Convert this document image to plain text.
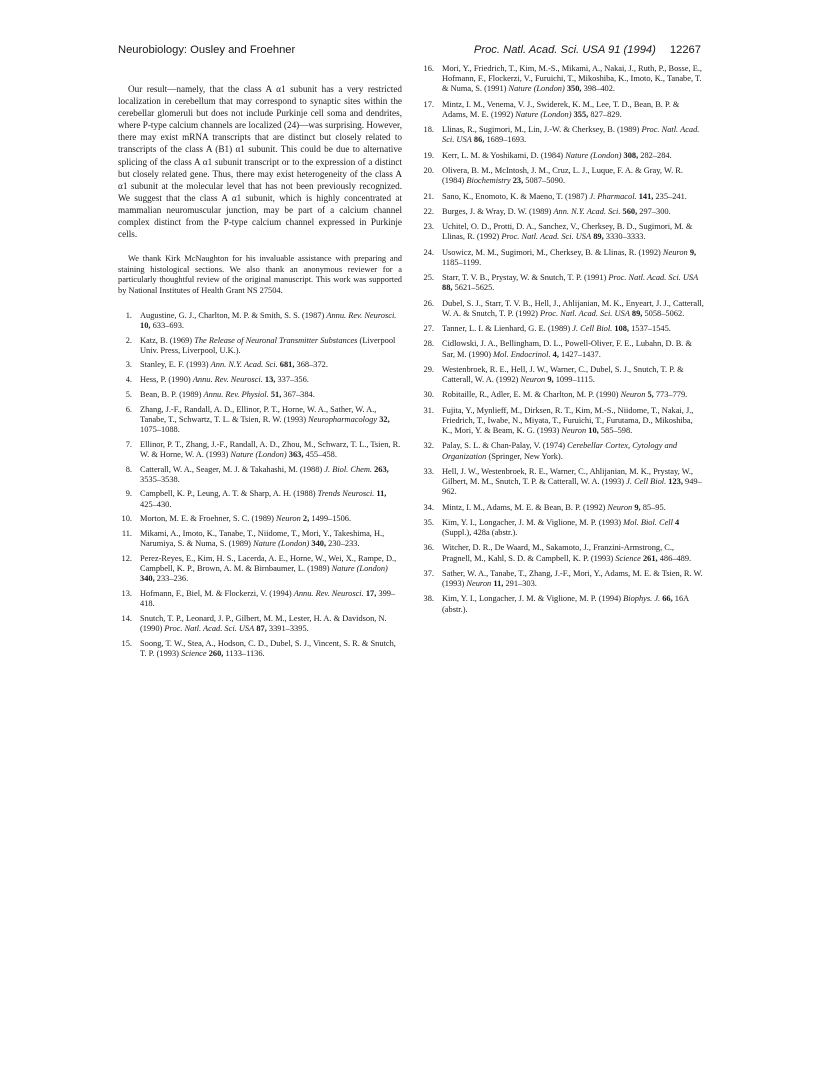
Neurobiology: Ousley and Froehner	Proc. Natl. Acad. Sci. USA 91 (1994) 12267

Our result—namely, that the class A α1 subunit has a very restricted localization in cerebellum that may correspond to synaptic sites within the cerebellar glomeruli but does not include Purkinje cell soma and dendrites, where P-type calcium channels are localized (24)—was surprising. However, there may exist mRNA transcripts that are distinct but closely related to transcripts of the class A (B1) α1 subunit. This could be due to alternative splicing of the class A α1 subunit transcript or to the expression of a distinct but closely related gene. Thus, there may exist heterogeneity of the class A α1 subunit at the molecular level that has not been previously recognized. We suggest that the class A α1 subunit, which is highly concentrated at mammalian neuromuscular junction, may be part of a calcium channel complex distinct from the P-type calcium channel expressed in Purkinje cells.

We thank Kirk McNaughton for his invaluable assistance with preparing and staining histological sections. We also thank an anonymous reviewer for a particularly thoughtful review of the original manuscript. This work was supported by National Institutes of Health Grant NS 27504.

1. Augustine, G. J., Charlton, M. P. & Smith, S. S. (1987) Annu. Rev. Neurosci. 10, 633–693.
2. Katz, B. (1969) The Release of Neuronal Transmitter Substances (Liverpool Univ. Press, Liverpool, U.K.).
3. Stanley, E. F. (1993) Ann. N.Y. Acad. Sci. 681, 368–372.
4. Hess, P. (1990) Annu. Rev. Neurosci. 13, 337–356.
5. Bean, B. P. (1989) Annu. Rev. Physiol. 51, 367–384.
6. Zhang, J.-F., Randall, A. D., Ellinor, P. T., Horne, W. A., Sather, W. A., Tanabe, T., Schwartz, T. L. & Tsien, R. W. (1993) Neuropharmacology 32, 1075–1088.
7. Ellinor, P. T., Zhang, J.-F., Randall, A. D., Zhou, M., Schwarz, T. L., Tsien, R. W. & Horne, W. A. (1993) Nature (London) 363, 455–458.
8. Catterall, W. A., Seager, M. J. & Takahashi, M. (1988) J. Biol. Chem. 263, 3535–3538.
9. Campbell, K. P., Leung, A. T. & Sharp, A. H. (1988) Trends Neurosci. 11, 425–430.
10. Morton, M. E. & Froehner, S. C. (1989) Neuron 2, 1499–1506.
11. Mikami, A., Imoto, K., Tanabe, T., Niidome, T., Mori, Y., Takeshima, H., Narumiya, S. & Numa, S. (1989) Nature (London) 340, 230–233.
12. Perez-Reyes, E., Kim, H. S., Lacerda, A. E., Horne, W., Wei, X., Rampe, D., Campbell, K. P., Brown, A. M. & Birnbaumer, L. (1989) Nature (London) 340, 233–236.
13. Hofmann, F., Biel, M. & Flockerzi, V. (1994) Annu. Rev. Neurosci. 17, 399–418.
14. Snutch, T. P., Leonard, J. P., Gilbert, M. M., Lester, H. A. & Davidson, N. (1990) Proc. Natl. Acad. Sci. USA 87, 3391–3395.
15. Soong, T. W., Stea, A., Hodson, C. D., Dubel, S. J., Vincent, S. R. & Snutch, T. P. (1993) Science 260, 1133–1136.
16. Mori, Y., Friedrich, T., Kim, M.-S., Mikami, A., Nakai, J., Ruth, P., Bosse, E., Hofmann, F., Flockerzi, V., Furuichi, T., Mikoshiba, K., Imoto, K., Tanabe, T. & Numa, S. (1991) Nature (London) 350, 398–402.
17. Mintz, I. M., Venema, V. J., Swiderek, K. M., Lee, T. D., Bean, B. P. & Adams, M. E. (1992) Nature (London) 355, 827–829.
18. Llinas, R., Sugimori, M., Lin, J.-W. & Cherksey, B. (1989) Proc. Natl. Acad. Sci. USA 86, 1689–1693.
19. Kerr, L. M. & Yoshikami, D. (1984) Nature (London) 308, 282–284.
20. Olivera, B. M., McIntosh, J. M., Cruz, L. J., Luque, F. A. & Gray, W. R. (1984) Biochemistry 23, 5087–5090.
21. Sano, K., Enomoto, K. & Maeno, T. (1987) J. Pharmacol. 141, 235–241.
22. Burges, J. & Wray, D. W. (1989) Ann. N.Y. Acad. Sci. 560, 297–300.
23. Uchitel, O. D., Protti, D. A., Sanchez, V., Cherksey, B. D., Sugimori, M. & Llinas, R. (1992) Proc. Natl. Acad. Sci. USA 89, 3330–3333.
24. Usowicz, M. M., Sugimori, M., Cherksey, B. & Llinas, R. (1992) Neuron 9, 1185–1199.
25. Starr, T. V. B., Prystay, W. & Snutch, T. P. (1991) Proc. Natl. Acad. Sci. USA 88, 5621–5625.
26. Dubel, S. J., Starr, T. V. B., Hell, J., Ahlijanian, M. K., Enyeart, J. J., Catterall, W. A. & Snutch, T. P. (1992) Proc. Natl. Acad. Sci. USA 89, 5058–5062.
27. Tanner, L. I. & Lienhard, G. E. (1989) J. Cell Biol. 108, 1537–1545.
28. Cidlowski, J. A., Bellingham, D. L., Powell-Oliver, F. E., Lubahn, D. B. & Sar, M. (1990) Mol. Endocrinol. 4, 1427–1437.
29. Westenbroek, R. E., Hell, J. W., Warner, C., Dubel, S. J., Snutch, T. P. & Catterall, W. A. (1992) Neuron 9, 1099–1115.
30. Robitaille, R., Adler, E. M. & Charlton, M. P. (1990) Neuron 5, 773–779.
31. Fujita, Y., Mynlieff, M., Dirksen, R. T., Kim, M.-S., Niidome, T., Nakai, J., Friedrich, T., Iwabe, N., Miyata, T., Furuichi, T., Furutama, D., Mikoshiba, K., Mori, Y. & Beam, K. G. (1993) Neuron 10, 585–598.
32. Palay, S. L. & Chan-Palay, V. (1974) Cerebellar Cortex, Cytology and Organization (Springer, New York).
33. Hell, J. W., Westenbroek, R. E., Warner, C., Ahlijanian, M. K., Prystay, W., Gilbert, M. M., Snutch, T. P. & Catterall, W. A. (1993) J. Cell Biol. 123, 949–962.
34. Mintz, I. M., Adams, M. E. & Bean, B. P. (1992) Neuron 9, 85–95.
35. Kim, Y. I., Longacher, J. M. & Viglione, M. P. (1993) Mol. Biol. Cell 4 (Suppl.), 428a (abstr.).
36. Witcher, D. R., De Waard, M., Sakamoto, J., Franzini-Armstrong, C., Pragnell, M., Kahl, S. D. & Campbell, K. P. (1993) Science 261, 486–489.
37. Sather, W. A., Tanabe, T., Zhang, J.-F., Mori, Y., Adams, M. E. & Tsien, R. W. (1993) Neuron 11, 291–303.
38. Kim, Y. I., Longacher, J. M. & Viglione, M. P. (1994) Biophys. J. 66, 16A (abstr.).
